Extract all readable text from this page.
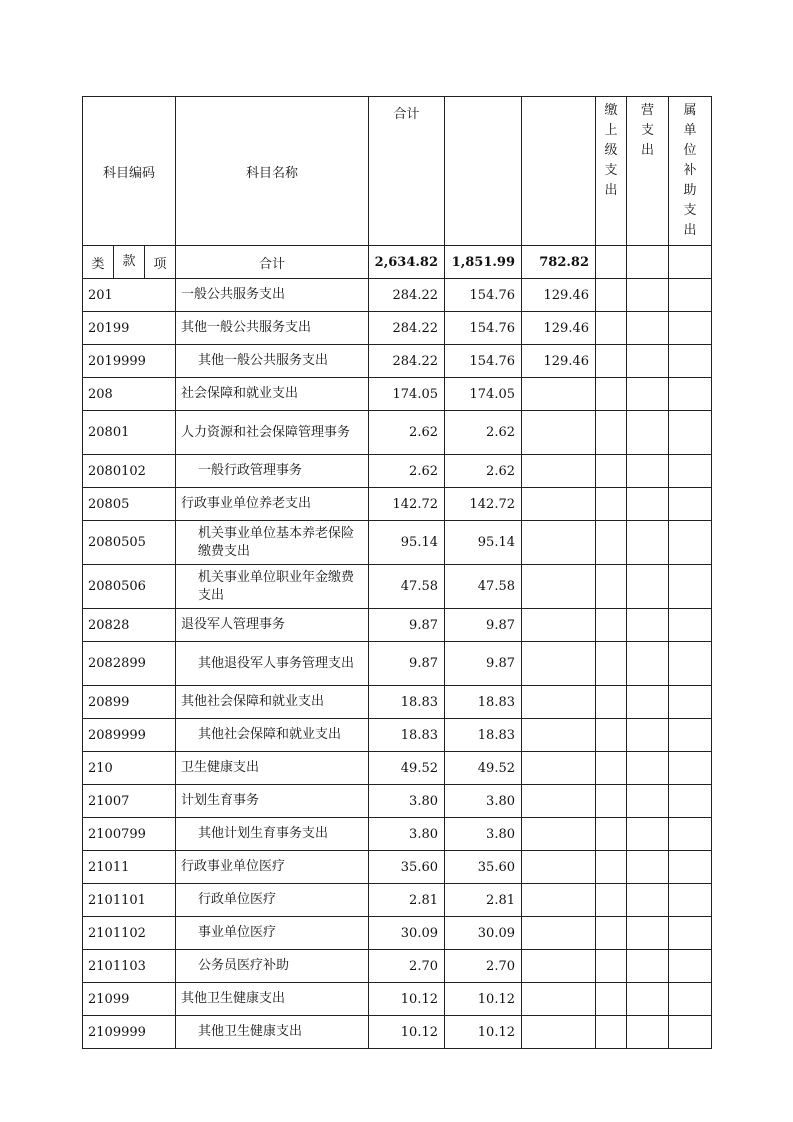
科目编码	科目名称	合计			缴上级支出	营支出	属单位补助支出

类 款 项	合计	2,634.82	1,851.99	782.82			
201	一般公共服务支出	284.22	154.76	129.46			
20199	其他一般公共服务支出	284.22	154.76	129.46			
2019999	其他一般公共服务支出	284.22	154.76	129.46			
208	社会保障和就业支出	174.05	174.05				
20801	人力资源和社会保障管理事务	2.62	2.62				
2080102	一般行政管理事务	2.62	2.62				
20805	行政事业单位养老支出	142.72	142.72				
2080505	机关事业单位基本养老保险缴费支出	95.14	95.14				
2080506	机关事业单位职业年金缴费支出	47.58	47.58				
20828	退役军人管理事务	9.87	9.87				
2082899	其他退役军人事务管理支出	9.87	9.87				
20899	其他社会保障和就业支出	18.83	18.83				
2089999	其他社会保障和就业支出	18.83	18.83				
210	卫生健康支出	49.52	49.52				
21007	计划生育事务	3.80	3.80				
2100799	其他计划生育事务支出	3.80	3.80				
21011	行政事业单位医疗	35.60	35.60				
2101101	行政单位医疗	2.81	2.81				
2101102	事业单位医疗	30.09	30.09				
2101103	公务员医疗补助	2.70	2.70				
21099	其他卫生健康支出	10.12	10.12				
2109999	其他卫生健康支出	10.12	10.12				
